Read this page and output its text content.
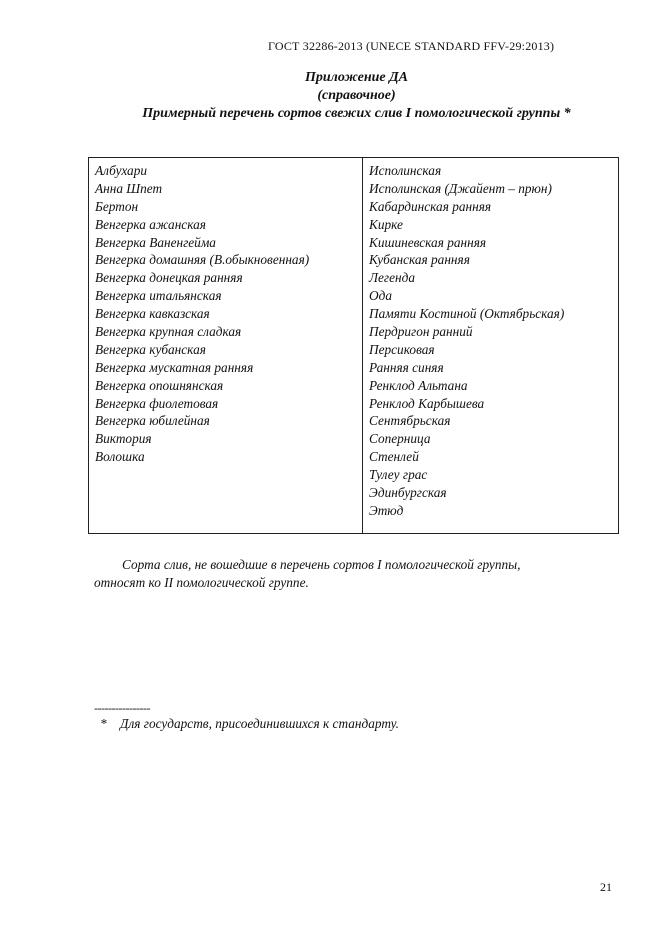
ГОСТ 32286-2013 (UNECE STANDARD FFV-29:2013)
Приложение ДА
(справочное)
Примерный перечень сортов свежих слив I помологической группы *
Албухари
Анна Шпет
Бертон
Венгерка ажанская
Венгерка Ваненгейма
Венгерка домашняя (В.обыкновенная)
Венгерка донецкая ранняя
Венгерка итальянская
Венгерка кавказская
Венгерка крупная сладкая
Венгерка кубанская
Венгерка мускатная ранняя
Венгерка опошнянская
Венгерка фиолетовая
Венгерка юбилейная
Виктория
Волошка
Исполинская
Исполинская (Джайент – прюн)
Кабардинская ранняя
Кирке
Кишиневская ранняя
Кубанская ранняя
Легенда
Ода
Памяти Костиной (Октябрьская)
Пердригон ранний
Персиковая
Ранняя синяя
Ренклод Альтана
Ренклод Карбышева
Сентябрьская
Соперница
Стенлей
Тулеу грас
Эдинбургская
Этюд
Сорта слив, не вошедшие в перечень сортов I помологической группы,
относят ко II помологической группе.
----------------
* Для государств, присоединившихся к стандарту.
21
